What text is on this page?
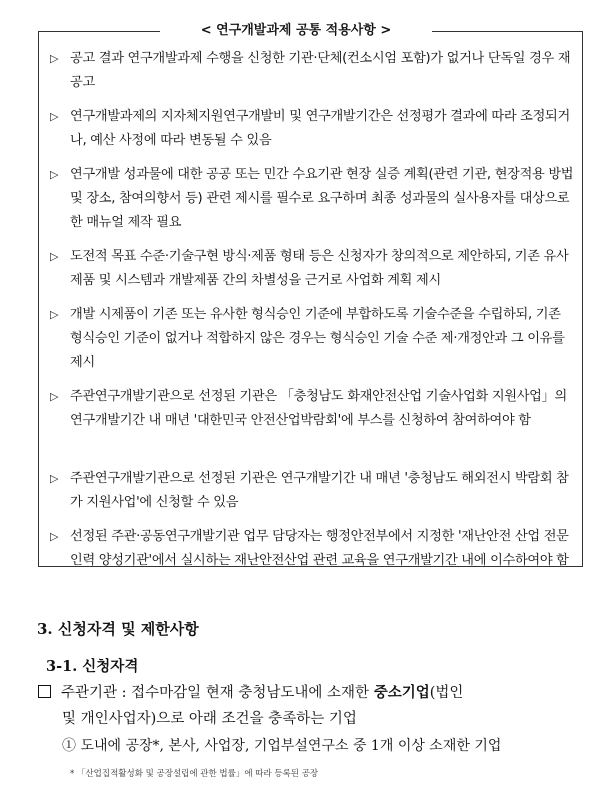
< 연구개발과제 공통 적용사항 >
▷ 공고 결과 연구개발과제 수행을 신청한 기관·단체(컨소시엄 포함)가 없거나 단독일 경우 재공고
▷ 연구개발과제의 지자체지원연구개발비 및 연구개발기간은 선정평가 결과에 따라 조정되거나, 예산 사정에 따라 변동될 수 있음
▷ 연구개발 성과물에 대한 공공 또는 민간 수요기관 현장 실증 계획(관련 기관, 현장적용 방법 및 장소, 참여의향서 등) 관련 제시를 필수로 요구하며 최종 성과물의 실사용자를 대상으로 한 매뉴얼 제작 필요
▷ 도전적 목표 수준·기술구현 방식·제품 형태 등은 신청자가 창의적으로 제안하되, 기존 유사 제품 및 시스템과 개발제품 간의 차별성을 근거로 사업화 계획 제시
▷ 개발 시제품이 기존 또는 유사한 형식승인 기준에 부합하도록 기술수준을 수립하되, 기존 형식승인 기준이 없거나 적합하지 않은 경우는 형식승인 기술 수준 제·개정안과 그 이유를 제시
▷ 주관연구개발기관으로 선정된 기관은 「충청남도 화재안전산업 기술사업화 지원사업」의 연구개발기간 내 매년 '대한민국 안전산업박람회'에 부스를 신청하여 참여하여야 함
▷ 주관연구개발기관으로 선정된 기관은 연구개발기간 내 매년 '충청남도 해외전시 박람회 참가 지원사업'에 신청할 수 있음
▷ 선정된 주관·공동연구개발기관 업무 담당자는 행정안전부에서 지정한 '재난안전 산업 전문인력 양성기관'에서 실시하는 재난안전산업 관련 교육을 연구개발기간 내에 이수하여야 함
3. 신청자격 및 제한사항
3-1. 신청자격
주관기관 : 접수마감일 현재 충청남도내에 소재한 중소기업(법인
및 개인사업자)으로 아래 조건을 충족하는 기업
① 도내에 공장*, 본사, 사업장, 기업부설연구소 중 1개 이상 소재한 기업
* 「산업집적활성화 및 공장설립에 관한 법률」에 따라 등록된 공장
